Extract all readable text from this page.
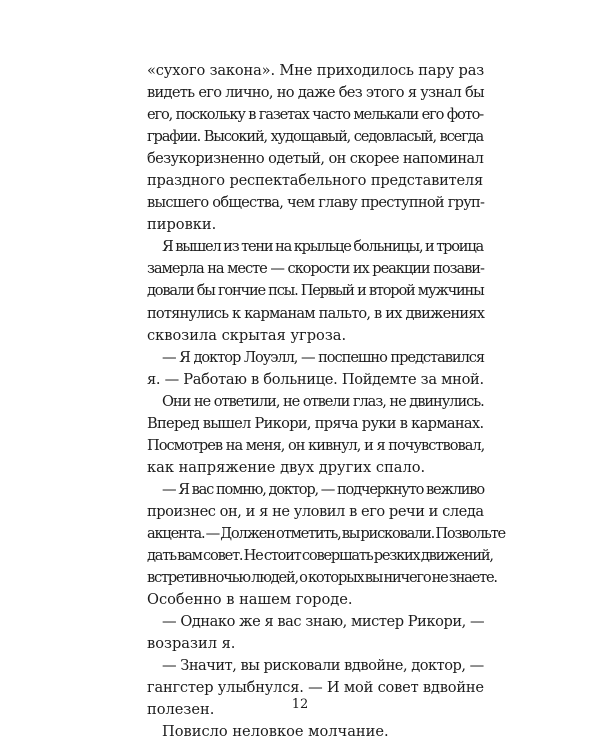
«сухого закона». Мне приходилось пару раз
видеть его лично, но даже без этого я узнал бы
его, поскольку в газетах часто мелькали его фото-
графии. Высокий, худощавый, седовласый, всегда
безукоризненно одетый, он скорее напоминал
праздного респектабельного представителя
высшего общества, чем главу преступной груп-
пировки.
Я вышел из тени на крыльце больницы, и троица
замерла на месте — скорости их реакции позави-
довали бы гончие псы. Первый и второй мужчины
потянулись к карманам пальто, в их движениях
сквозила скрытая угроза.
— Я доктор Лоуэлл, — поспешно представился
я. — Работаю в больнице. Пойдемте за мной.
Они не ответили, не отвели глаз, не двинулись.
Вперед вышел Рикори, пряча руки в карманах.
Посмотрев на меня, он кивнул, и я почувствовал,
как напряжение двух других спало.
— Я вас помню, доктор, — подчеркнуто вежливо
произнес он, и я не уловил в его речи и следа
акцента. — Должен отметить, вы рисковали. Позвольте
дать вам совет. Не стоит совершать резких движений,
встретив ночью людей, о которых вы ничего не знаете.
Особенно в нашем городе.
— Однако же я вас знаю, мистер Рикори, —
возразил я.
— Значит, вы рисковали вдвойне, доктор, —
гангстер улыбнулся. — И мой совет вдвойне
полезен.
Повисло неловкое молчание.
12
